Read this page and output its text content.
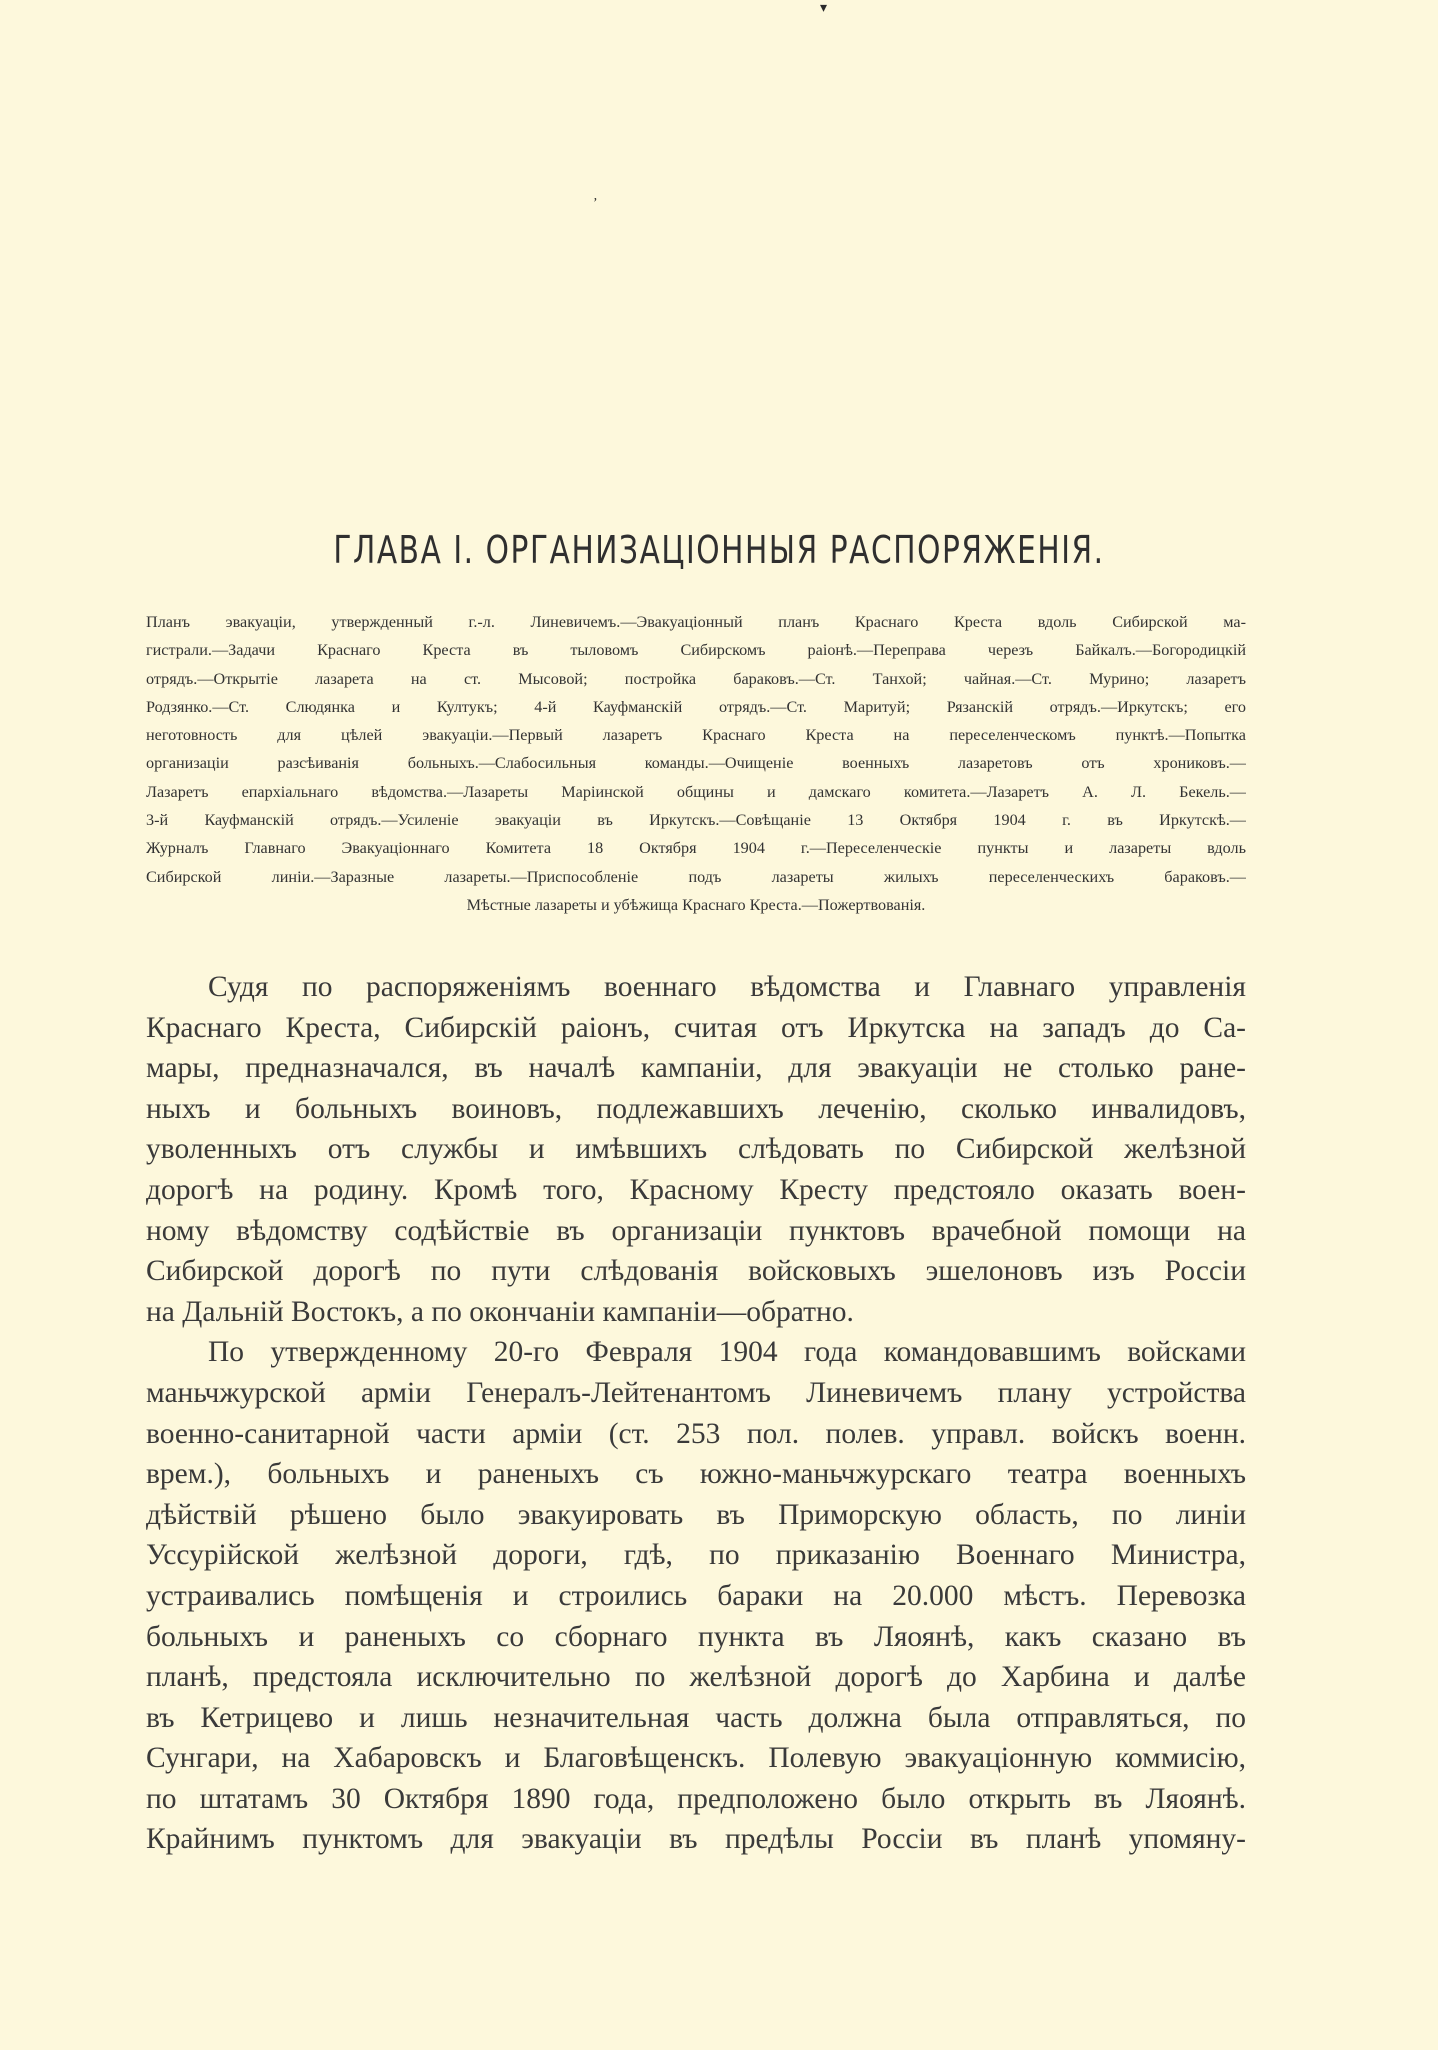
▾
ʼ
ГЛАВА I. ОРГАНИЗАЦІОННЫЯ РАСПОРЯЖЕНІЯ.
Планъ эвакуаціи, утвержденный г.-л. Линевичемъ.—Эвакуаціонный планъ Краснаго Креста вдоль Сибирской ма-
гистрали.—Задачи Краснаго Креста въ тыловомъ Сибирскомъ раіонѣ.—Переправа черезъ Байкалъ.—Богородицкій
отрядъ.—Открытіе лазарета на ст. Мысовой; постройка бараковъ.—Ст. Танхой; чайная.—Ст. Мурино; лазаретъ
Родзянко.—Ст. Слюдянка и Култукъ; 4-й Кауфманскій отрядъ.—Ст. Маритуй; Рязанскій отрядъ.—Иркутскъ; его
неготовность для цѣлей эвакуаціи.—Первый лазаретъ Краснаго Креста на переселенческомъ пунктѣ.—Попытка
организаціи разсѣиванія больныхъ.—Слабосильныя команды.—Очищеніе военныхъ лазаретовъ отъ хрониковъ.—
Лазаретъ епархіальнаго вѣдомства.—Лазареты Маріинской общины и дамскаго комитета.—Лазаретъ А. Л. Бекель.—
3-й Кауфманскій отрядъ.—Усиленіе эвакуаціи въ Иркутскъ.—Совѣщаніе 13 Октября 1904 г. въ Иркутскѣ.—
Журналъ Главнаго Эвакуаціоннаго Комитета 18 Октября 1904 г.—Переселенческіе пункты и лазареты вдоль
Сибирской линіи.—Заразные лазареты.—Приспособленіе подъ лазареты жилыхъ переселенческихъ бараковъ.—
Мѣстные лазареты и убѣжища Краснаго Креста.—Пожертвованія.
Судя по распоряженіямъ военнаго вѣдомства и Главнаго управленія
Краснаго Креста, Сибирскій раіонъ, считая отъ Иркутска на западъ до Са-
мары, предназначался, въ началѣ кампаніи, для эвакуаціи не столько ране-
ныхъ и больныхъ воиновъ, подлежавшихъ леченію, сколько инвалидовъ,
уволенныхъ отъ службы и имѣвшихъ слѣдовать по Сибирской желѣзной
дорогѣ на родину. Кромѣ того, Красному Кресту предстояло оказать воен-
ному вѣдомству содѣйствіе въ организаціи пунктовъ врачебной помощи на
Сибирской дорогѣ по пути слѣдованія войсковыхъ эшелоновъ изъ Россіи
на Дальній Востокъ, а по окончаніи кампаніи—обратно.
По утвержденному 20-го Февраля 1904 года командовавшимъ войсками
маньчжурской арміи Генералъ-Лейтенантомъ Линевичемъ плану устройства
военно-санитарной части арміи (ст. 253 пол. полев. управл. войскъ военн.
врем.), больныхъ и раненыхъ съ южно-маньчжурскаго театра военныхъ
дѣйствій рѣшено было эвакуировать въ Приморскую область, по линіи
Уссурійской желѣзной дороги, гдѣ, по приказанію Военнаго Министра,
устраивались помѣщенія и строились бараки на 20.000 мѣстъ. Перевозка
больныхъ и раненыхъ со сборнаго пункта въ Ляоянѣ, какъ сказано въ
планѣ, предстояла исключительно по желѣзной дорогѣ до Харбина и далѣе
въ Кетрицево и лишь незначительная часть должна была отправляться, по
Сунгари, на Хабаровскъ и Благовѣщенскъ. Полевую эвакуаціонную коммисію,
по штатамъ 30 Октября 1890 года, предположено было открыть въ Ляоянѣ.
Крайнимъ пунктомъ для эвакуаціи въ предѣлы Россіи въ планѣ упомяну-
